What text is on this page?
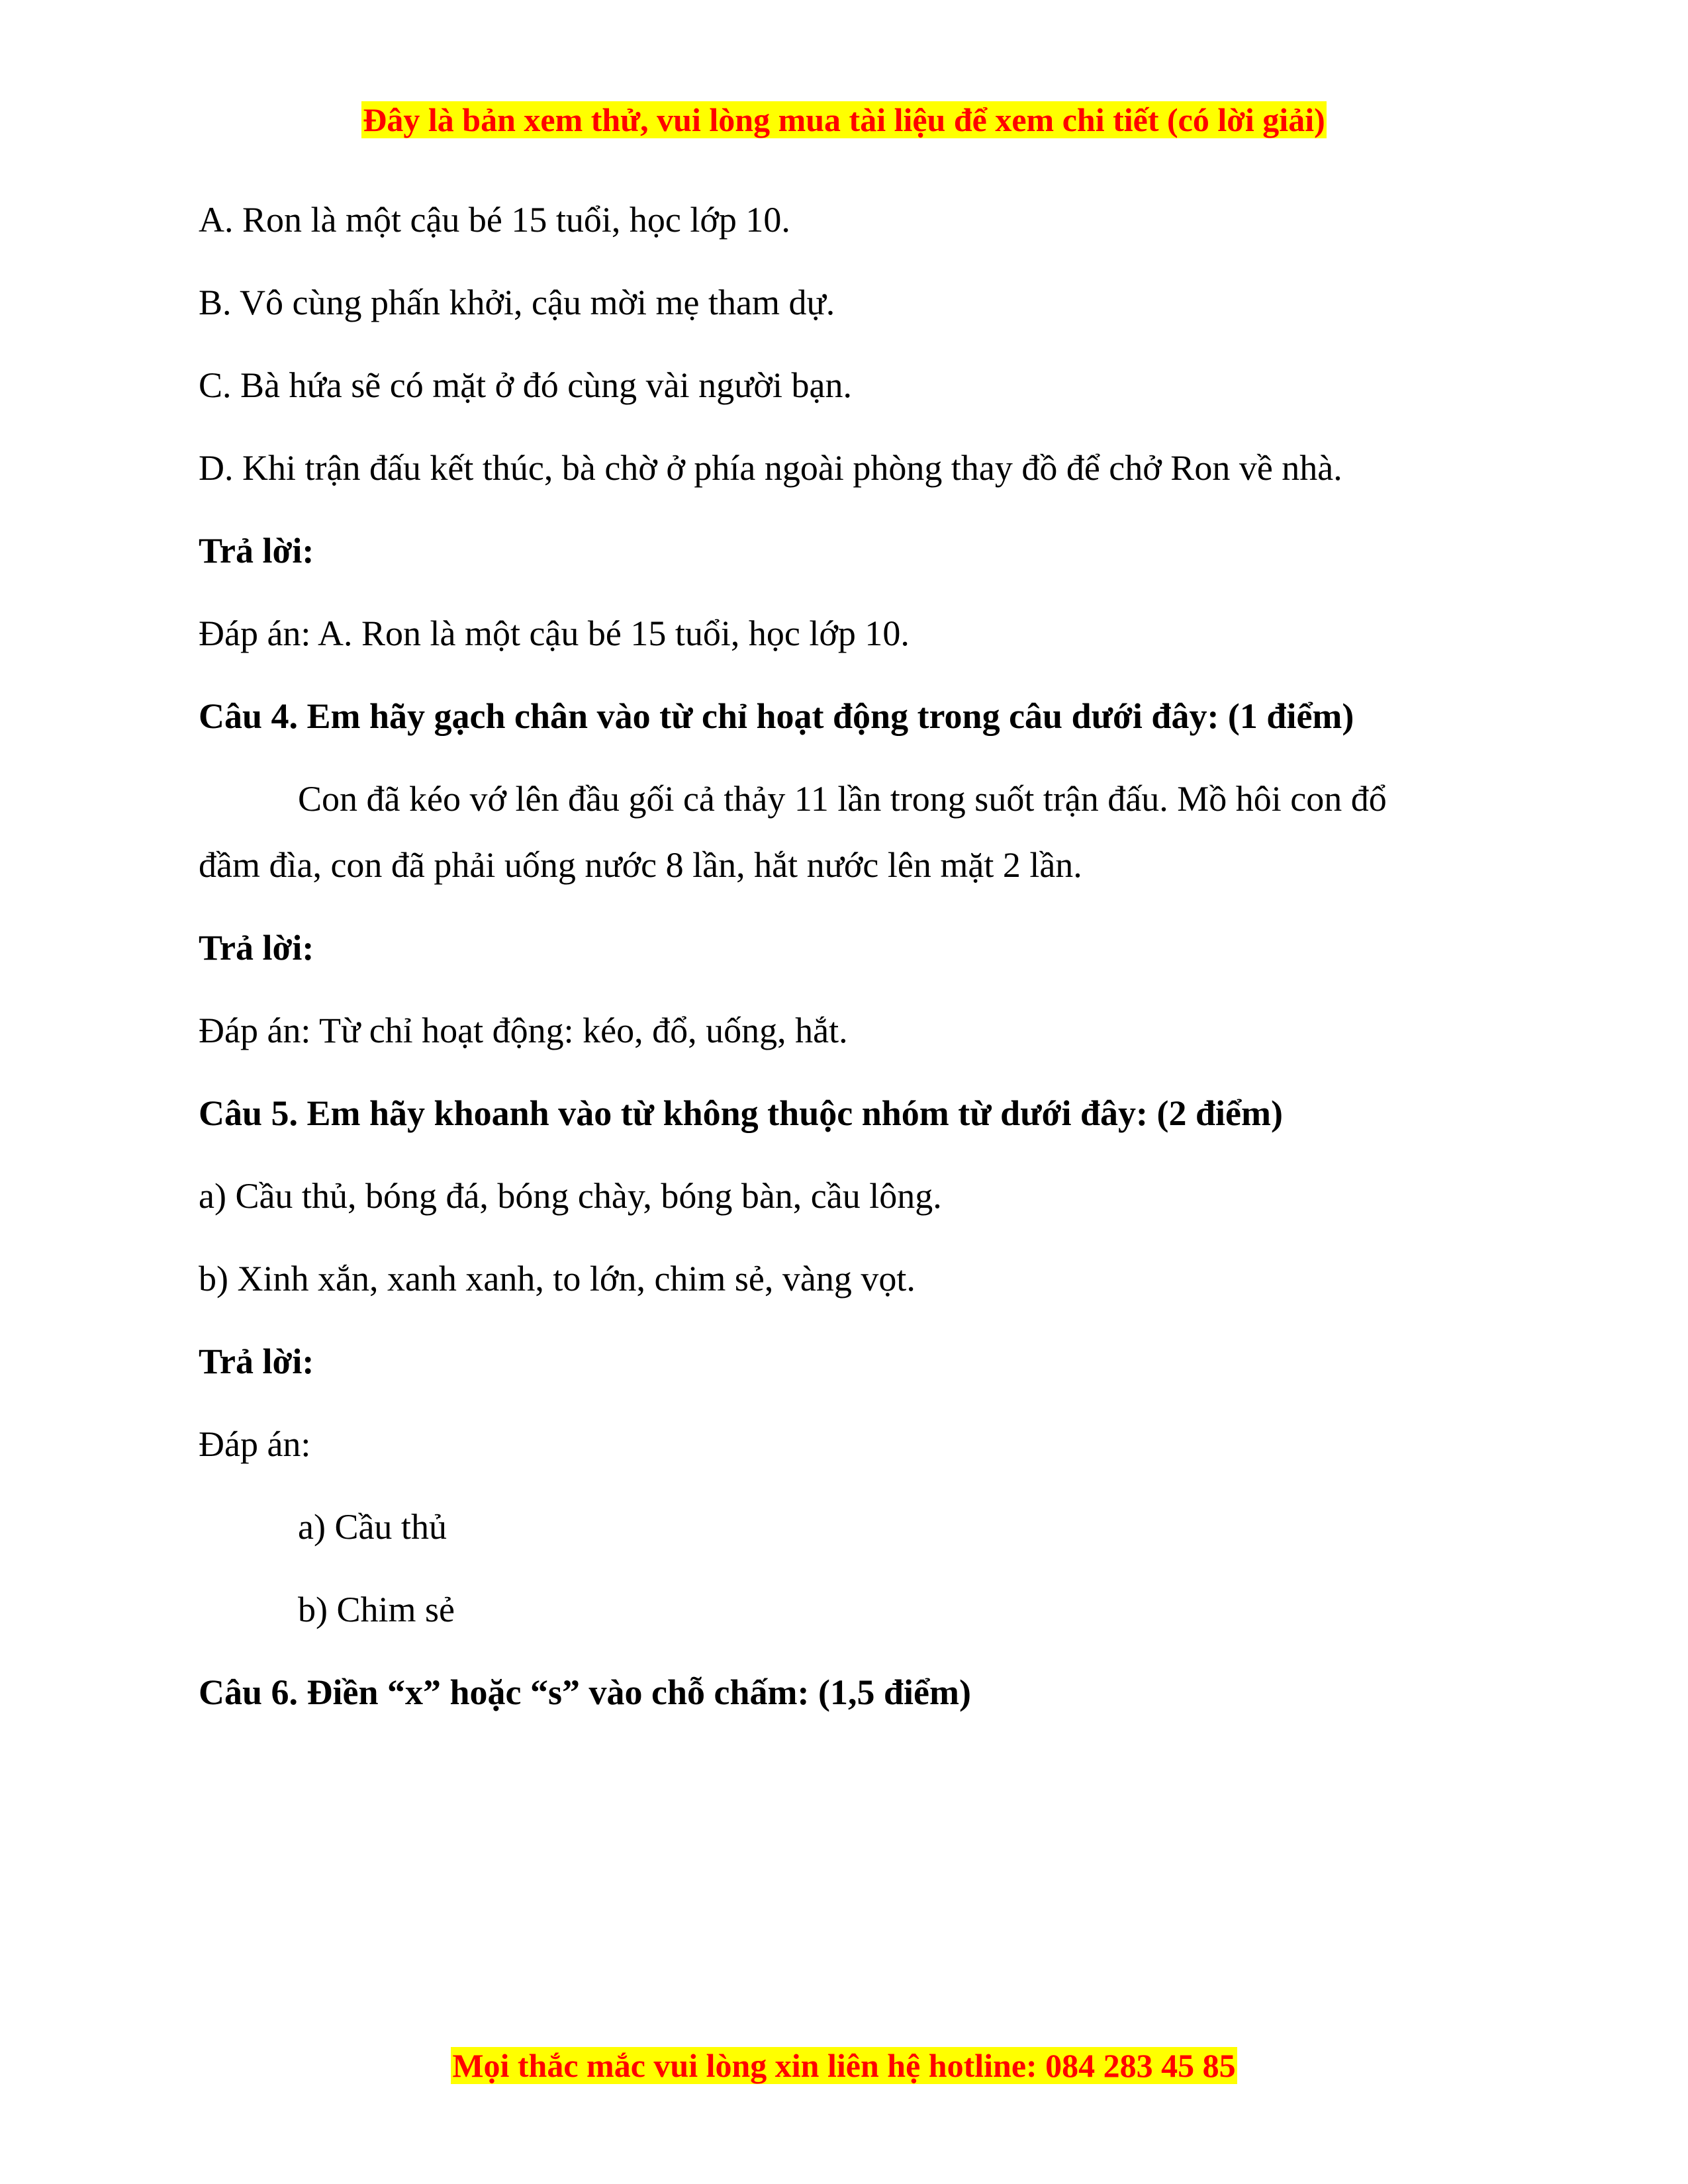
Đây là bản xem thử, vui lòng mua tài liệu để xem chi tiết (có lời giải)
A. Ron là một cậu bé 15 tuổi, học lớp 10.
B. Vô cùng phấn khởi, cậu mời mẹ tham dự.
C. Bà hứa sẽ có mặt ở đó cùng vài người bạn.
D. Khi trận đấu kết thúc, bà chờ ở phía ngoài phòng thay đồ để chở Ron về nhà.
Trả lời:
Đáp án: A. Ron là một cậu bé 15 tuổi, học lớp 10.
Câu 4. Em hãy gạch chân vào từ chỉ hoạt động trong câu dưới đây: (1 điểm)
Con đã kéo vớ lên đầu gối cả thảy 11 lần trong suốt trận đấu. Mồ hôi con đổ
đầm đìa, con đã phải uống nước 8 lần, hắt nước lên mặt 2 lần.
Trả lời:
Đáp án: Từ chỉ hoạt động: kéo, đổ, uống, hắt.
Câu 5. Em hãy khoanh vào từ không thuộc nhóm từ dưới đây: (2 điểm)
a) Cầu thủ, bóng đá, bóng chày, bóng bàn, cầu lông.
b) Xinh xắn, xanh xanh, to lớn, chim sẻ, vàng vọt.
Trả lời:
Đáp án:
a) Cầu thủ
b) Chim sẻ
Câu 6. Điền “x” hoặc “s” vào chỗ chấm: (1,5 điểm)
Mọi thắc mắc vui lòng xin liên hệ hotline: 084 283 45 85
